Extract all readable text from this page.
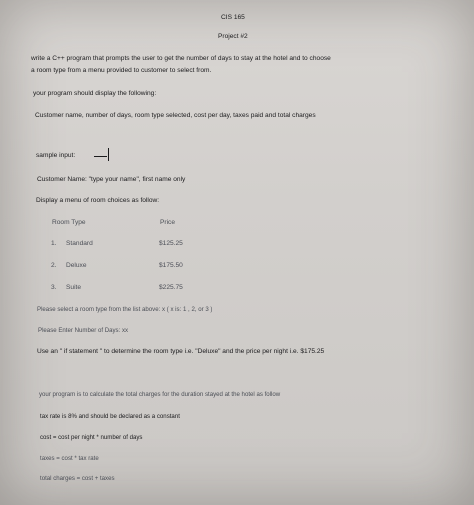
CIS 165
Project #2
write a C++ program that prompts the user to get the number of days to stay at the hotel and to choose
a room type from a menu provided to customer to select from.
your program should display the following:
Customer name, number of days, room type selected, cost per day, taxes paid and total charges
sample input:
Customer Name: "type your name", first name only
Display a menu of room choices as follow:
Room Type	Price
1. Standard	$125.25
2. Deluxe	$175.50
3. Suite	$225.75
Please select a room type from the list above: x ( x is: 1 , 2, or 3 )
Please Enter Number of Days: xx
Use an " if statement " to determine the room type i.e. "Deluxe" and the price per night i.e. $175.25
your program is to calculate the total charges for the duration stayed at the hotel as follow
tax rate is 8% and should be declared as a constant
cost = cost per night * number of days
taxes = cost * tax rate
total charges = cost + taxes
